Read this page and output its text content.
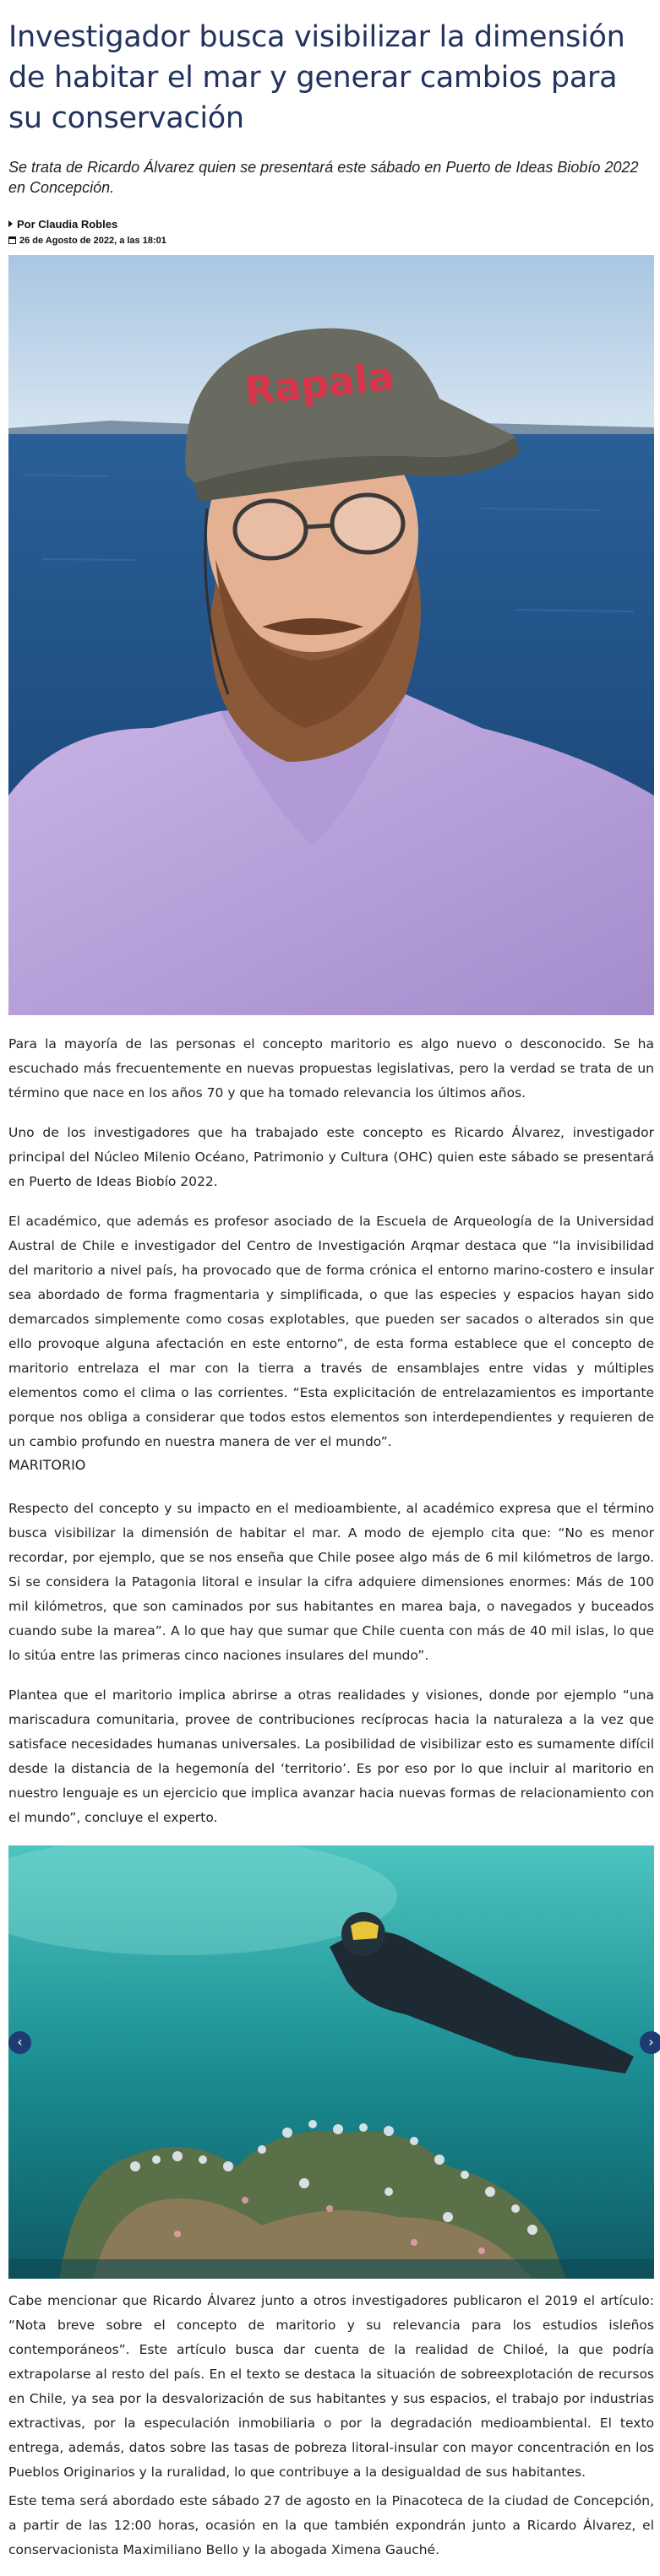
Investigador busca visibilizar la dimensión de habitar el mar y generar cambios para su conservación

Se trata de Ricardo Álvarez quien se presentará este sábado en Puerto de Ideas Biobío 2022 en Concepción.

Por Claudia Robles
26 de Agosto de 2022, a las 18:01
Rapala

Para la mayoría de las personas el concepto maritorio es algo nuevo o desconocido. Se ha escuchado más frecuentemente en nuevas propuestas legislativas, pero la verdad se trata de un término que nace en los años 70 y que ha tomado relevancia los últimos años.

Uno de los investigadores que ha trabajado este concepto es Ricardo Álvarez, investigador principal del Núcleo Milenio Océano, Patrimonio y Cultura (OHC) quien este sábado se presentará en Puerto de Ideas Biobío 2022.

El académico, que además es profesor asociado de la Escuela de Arqueología de la Universidad Austral de Chile e investigador del Centro de Investigación Arqmar destaca que “la invisibilidad del maritorio a nivel país, ha provocado que de forma crónica el entorno marino-costero e insular sea abordado de forma fragmentaria y simplificada, o que las especies y espacios hayan sido demarcados simplemente como cosas explotables, que pueden ser sacados o alterados sin que ello provoque alguna afectación en este entorno”, de esta forma establece que el concepto de maritorio entrelaza el mar con la tierra a través de ensamblajes entre vidas y múltiples elementos como el clima o las corrientes. “Esta explicitación de entrelazamientos es importante porque nos obliga a considerar que todos estos elementos son interdependientes y requieren de un cambio profundo en nuestra manera de ver el mundo”.

MARITORIO

Respecto del concepto y su impacto en el medioambiente, al académico expresa que el término busca visibilizar la dimensión de habitar el mar. A modo de ejemplo cita que: “No es menor recordar, por ejemplo, que se nos enseña que Chile posee algo más de 6 mil kilómetros de largo. Si se considera la Patagonia litoral e insular la cifra adquiere dimensiones enormes: Más de 100 mil kilómetros, que son caminados por sus habitantes en marea baja, o navegados y buceados cuando sube la marea”. A lo que hay que sumar que Chile cuenta con más de 40 mil islas, lo que lo sitúa entre las primeras cinco naciones insulares del mundo”.

Plantea que el maritorio implica abrirse a otras realidades y visiones, donde por ejemplo “una mariscadura comunitaria, provee de contribuciones recíprocas hacia la naturaleza a la vez que satisface necesidades humanas universales. La posibilidad de visibilizar esto es sumamente difícil desde la distancia de la hegemonía del ‘territorio’. Es por eso por lo que incluir al maritorio en nuestro lenguaje es un ejercicio que implica avanzar hacia nuevas formas de relacionamiento con el mundo”, concluye el experto.

‹	›

Cabe mencionar que Ricardo Álvarez junto a otros investigadores publicaron el 2019 el artículo: “Nota breve sobre el concepto de maritorio y su relevancia para los estudios isleños contemporáneos”. Este artículo busca dar cuenta de la realidad de Chiloé, la que podría extrapolarse al resto del país. En el texto se destaca la situación de sobreexplotación de recursos en Chile, ya sea por la desvalorización de sus habitantes y sus espacios, el trabajo por industrias extractivas, por la especulación inmobiliaria o por la degradación medioambiental. El texto entrega, además, datos sobre las tasas de pobreza litoral-insular con mayor concentración en los Pueblos Originarios y la ruralidad, lo que contribuye a la desigualdad de sus habitantes.

Este tema será abordado este sábado 27 de agosto en la Pinacoteca de la ciudad de Concepción, a partir de las 12:00 horas, ocasión en la que también expondrán junto a Ricardo Álvarez, el conservacionista Maximiliano Bello y la abogada Ximena Gauché.
